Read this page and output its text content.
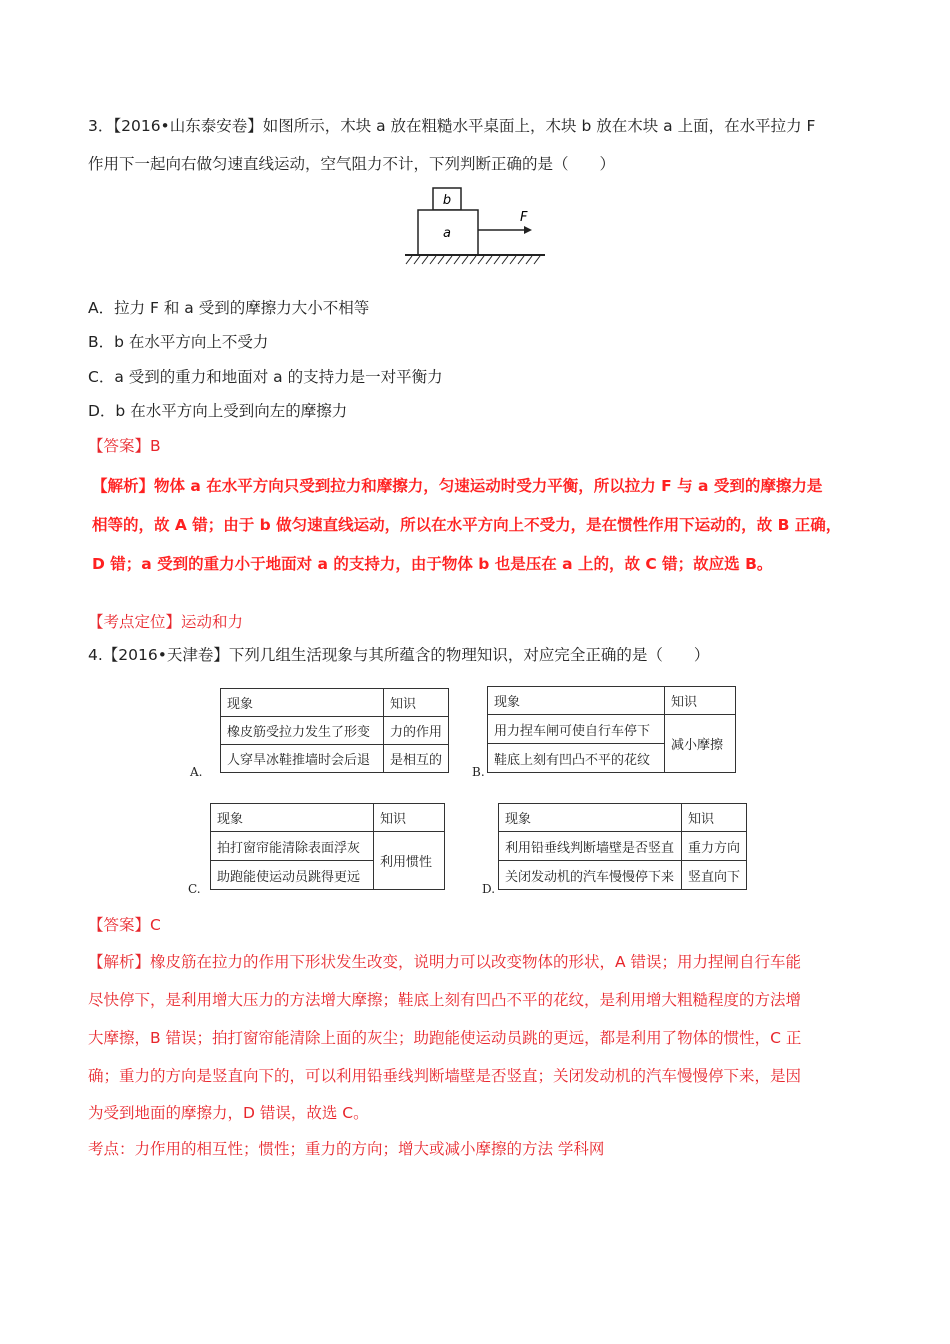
3．【2016•山东泰安卷】如图所示，木块 a 放在粗糙水平桌面上，木块 b 放在木块 a 上面，在水平拉力 F
作用下一起向右做匀速直线运动，空气阻力不计，下列判断正确的是（　　）
b
a
F
A．拉力 F 和 a 受到的摩擦力大小不相等
B．b 在水平方向上不受力
C．a 受到的重力和地面对 a 的支持力是一对平衡力
D．b 在水平方向上受到向左的摩擦力
【答案】B
【解析】物体 a 在水平方向只受到拉力和摩擦力，匀速运动时受力平衡，所以拉力 F 与 a 受到的摩擦力是
相等的，故 A 错；由于 b 做匀速直线运动，所以在水平方向上不受力，是在惯性作用下运动的，故 B 正确，
D 错；a 受到的重力小于地面对 a 的支持力，由于物体 b 也是压在 a 上的，故 C 错；故应选 B。
【考点定位】运动和力
4.【2016•天津卷】下列几组生活现象与其所蕴含的物理知识，对应完全正确的是（　　）
现象	知识
橡皮筋受拉力发生了形变	力的作用
人穿旱冰鞋推墙时会后退	是相互的
A.
现象	知识
用力捏车闸可使自行车停下	减小摩擦
鞋底上刻有凹凸不平的花纹	
B.
现象	知识
拍打窗帘能清除表面浮灰	利用惯性
助跑能使运动员跳得更远	
C.
现象	知识
利用铅垂线判断墙壁是否竖直	重力方向
关闭发动机的汽车慢慢停下来	竖直向下
D.
【答案】C
【解析】橡皮筋在拉力的作用下形状发生改变，说明力可以改变物体的形状，A 错误；用力捏闸自行车能
尽快停下，是利用增大压力的方法增大摩擦；鞋底上刻有凹凸不平的花纹，是利用增大粗糙程度的方法增
大摩擦，B 错误；拍打窗帘能清除上面的灰尘；助跑能使运动员跳的更远，都是利用了物体的惯性，C 正
确；重力的方向是竖直向下的，可以利用铅垂线判断墙壁是否竖直；关闭发动机的汽车慢慢停下来，是因
为受到地面的摩擦力，D 错误，故选 C。
考点：力作用的相互性；惯性；重力的方向；增大或减小摩擦的方法 学科网
